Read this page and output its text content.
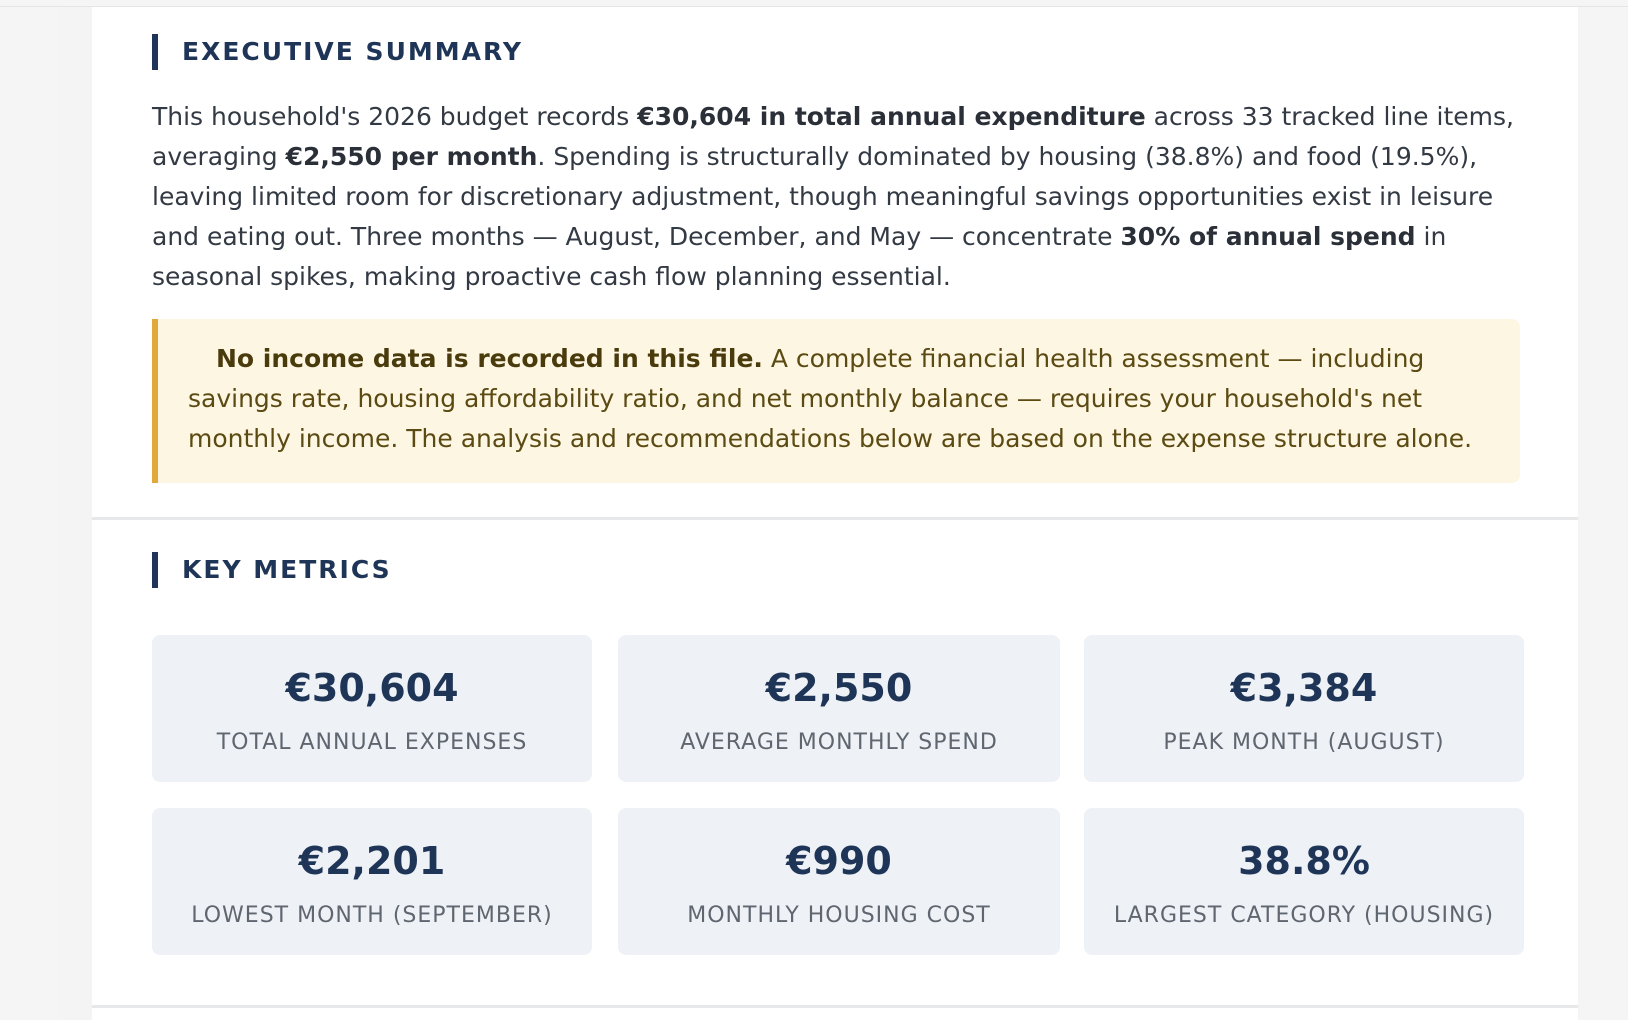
EXECUTIVE SUMMARY

This household's 2026 budget records €30,604 in total annual expenditure across 33 tracked line items, averaging €2,550 per month. Spending is structurally dominated by housing (38.8%) and food (19.5%), leaving limited room for discretionary adjustment, though meaningful savings opportunities exist in leisure and eating out. Three months — August, December, and May — concentrate 30% of annual spend in seasonal spikes, making proactive cash flow planning essential.

No income data is recorded in this file. A complete financial health assessment — including savings rate, housing affordability ratio, and net monthly balance — requires your household's net monthly income. The analysis and recommendations below are based on the expense structure alone.
KEY METRICS
€30,604
TOTAL ANNUAL EXPENSES
€2,550
AVERAGE MONTHLY SPEND
€3,384
PEAK MONTH (AUGUST)
€2,201
LOWEST MONTH (SEPTEMBER)
€990
MONTHLY HOUSING COST
38.8%
LARGEST CATEGORY (HOUSING)
